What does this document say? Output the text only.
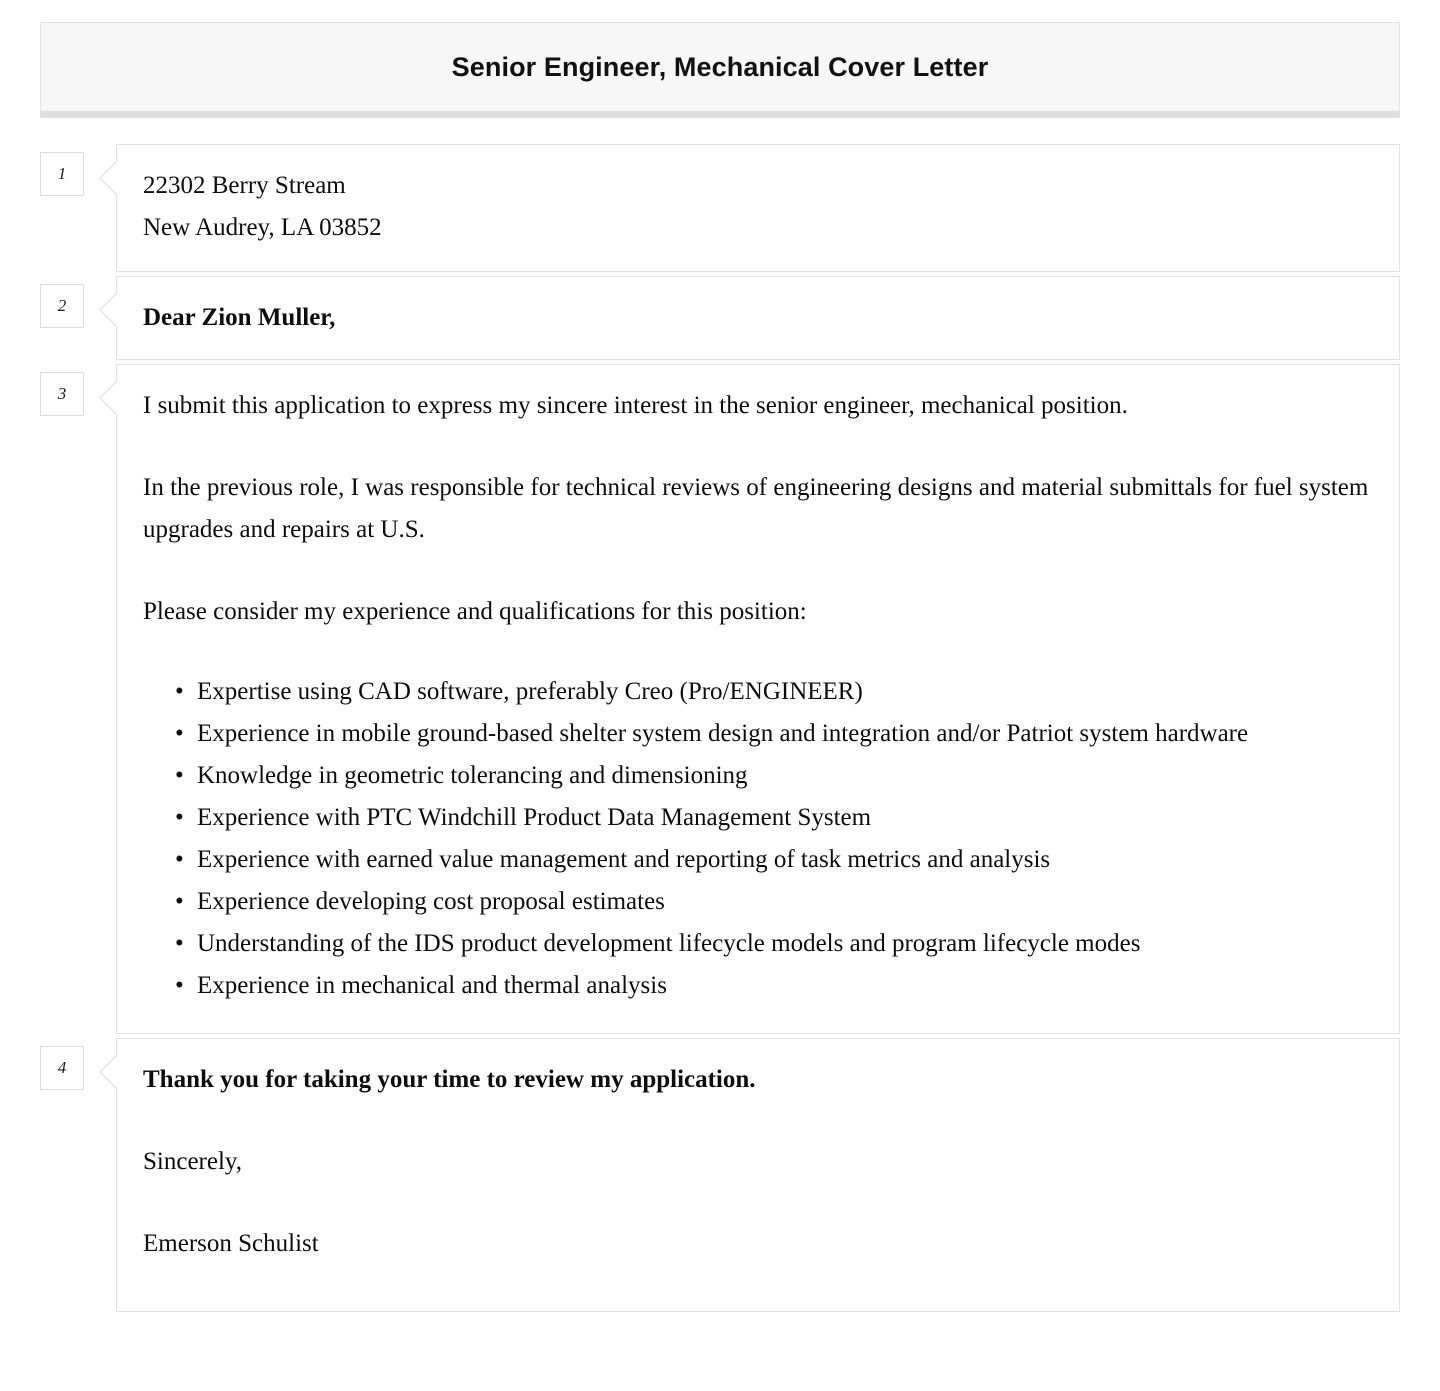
Senior Engineer, Mechanical Cover Letter
1	22302 Berry Stream
New Audrey, LA 03852

2	Dear Zion Muller,

3	I submit this application to express my sincere interest in the senior engineer, mechanical position.

In the previous role, I was responsible for technical reviews of engineering designs and material submittals for fuel system upgrades and repairs at U.S.

Please consider my experience and qualifications for this position:

• Expertise using CAD software, preferably Creo (Pro/ENGINEER)
• Experience in mobile ground-based shelter system design and integration and/or Patriot system hardware
• Knowledge in geometric tolerancing and dimensioning
• Experience with PTC Windchill Product Data Management System
• Experience with earned value management and reporting of task metrics and analysis
• Experience developing cost proposal estimates
• Understanding of the IDS product development lifecycle models and program lifecycle modes
• Experience in mechanical and thermal analysis
4	Thank you for taking your time to review my application.

Sincerely,

Emerson Schulist
